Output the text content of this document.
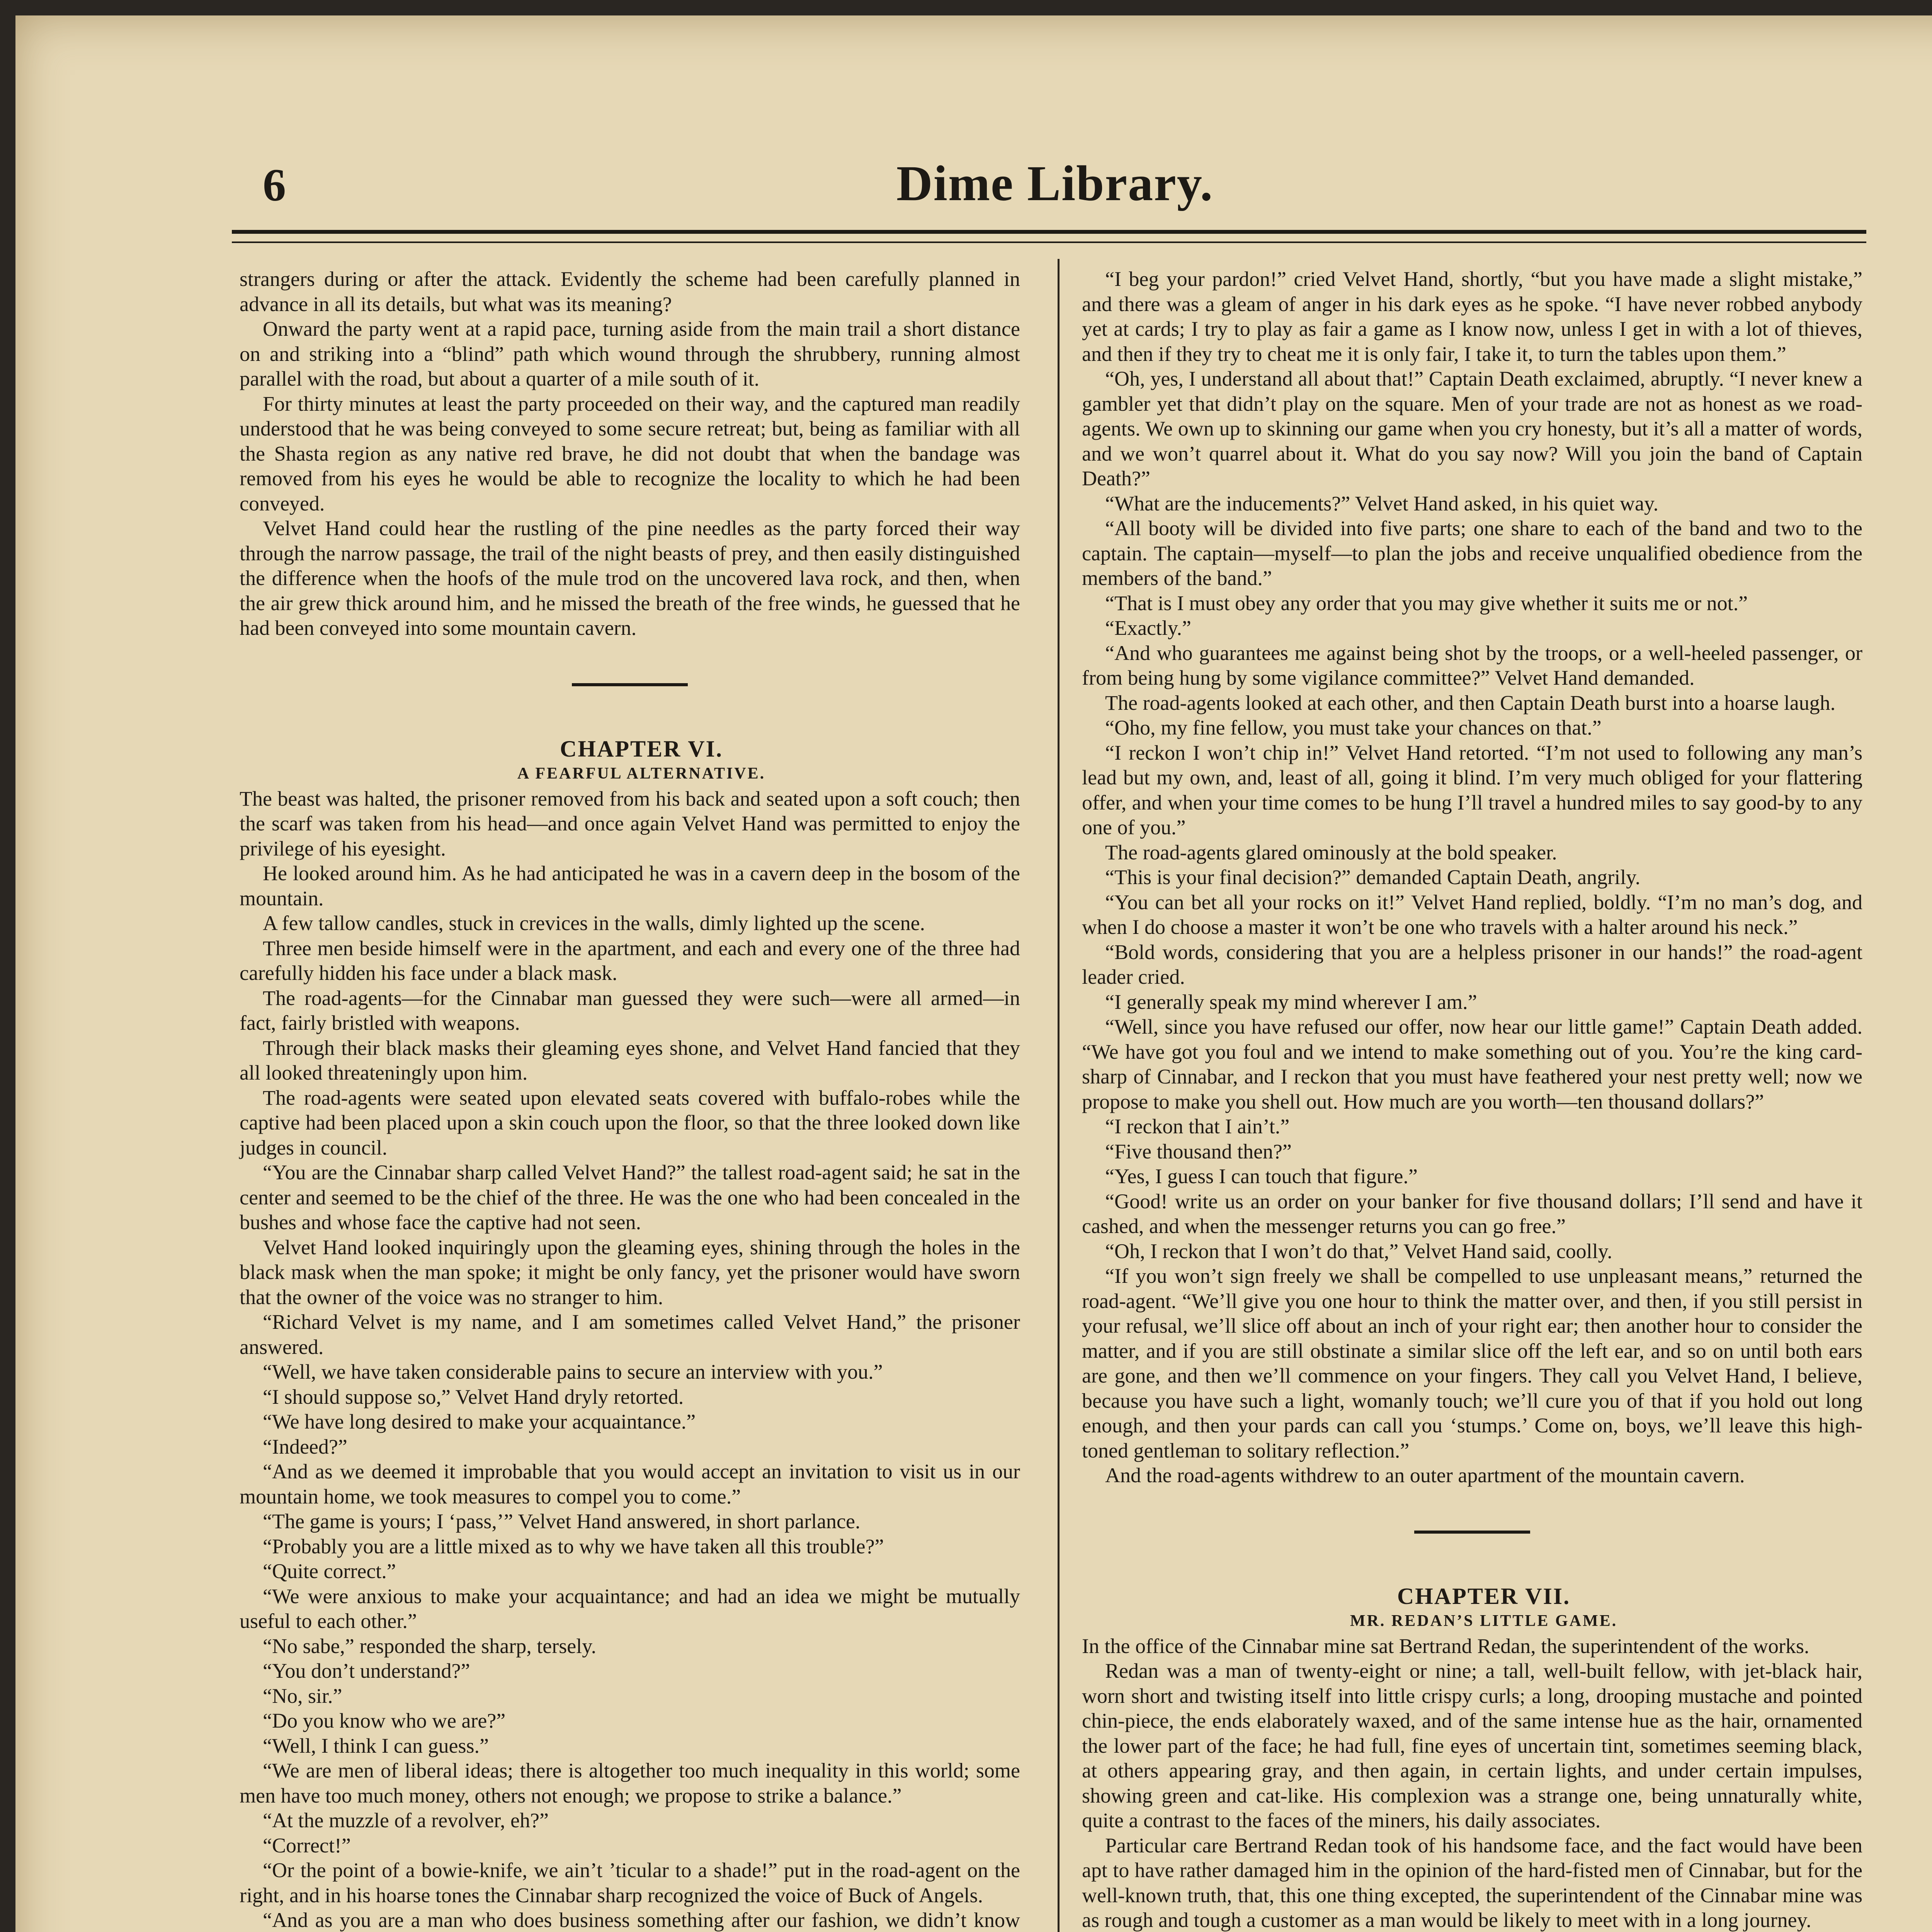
6	Dime Library.

strangers during or after the attack. Evidently the scheme had been carefully planned in advance in all its details, but what was its meaning?

Onward the party went at a rapid pace, turning aside from the main trail a short distance on and striking into a “blind” path which wound through the shrubbery, running almost parallel with the road, but about a quarter of a mile south of it.

For thirty minutes at least the party proceeded on their way, and the captured man readily understood that he was being conveyed to some secure retreat; but, being as familiar with all the Shasta region as any native red brave, he did not doubt that when the bandage was removed from his eyes he would be able to recognize the locality to which he had been conveyed.

Velvet Hand could hear the rustling of the pine needles as the party forced their way through the narrow passage, the trail of the night beasts of prey, and then easily distinguished the difference when the hoofs of the mule trod on the uncovered lava rock, and then, when the air grew thick around him, and he missed the breath of the free winds, he guessed that he had been conveyed into some mountain cavern.

CHAPTER VI.

A FEARFUL ALTERNATIVE.

The beast was halted, the prisoner removed from his back and seated upon a soft couch; then the scarf was taken from his head—and once again Velvet Hand was permitted to enjoy the privilege of his eyesight.

He looked around him. As he had anticipated he was in a cavern deep in the bosom of the mountain.

A few tallow candles, stuck in crevices in the walls, dimly lighted up the scene.

Three men beside himself were in the apartment, and each and every one of the three had carefully hidden his face under a black mask.

The road-agents—for the Cinnabar man guessed they were such—were all armed—in fact, fairly bristled with weapons.

Through their black masks their gleaming eyes shone, and Velvet Hand fancied that they all looked threateningly upon him.

The road-agents were seated upon elevated seats covered with buffalo-robes while the captive had been placed upon a skin couch upon the floor, so that the three looked down like judges in council.

“You are the Cinnabar sharp called Velvet Hand?” the tallest road-agent said; he sat in the center and seemed to be the chief of the three. He was the one who had been concealed in the bushes and whose face the captive had not seen.

Velvet Hand looked inquiringly upon the gleaming eyes, shining through the holes in the black mask when the man spoke; it might be only fancy, yet the prisoner would have sworn that the owner of the voice was no stranger to him.

“Richard Velvet is my name, and I am sometimes called Velvet Hand,” the prisoner answered.

“Well, we have taken considerable pains to secure an interview with you.”

“I should suppose so,” Velvet Hand dryly retorted.

“We have long desired to make your acquaintance.”

“Indeed?”

“And as we deemed it improbable that you would accept an invitation to visit us in our mountain home, we took measures to compel you to come.”

“The game is yours; I ‘pass,’” Velvet Hand answered, in short parlance.

“Probably you are a little mixed as to why we have taken all this trouble?”

“Quite correct.”

“We were anxious to make your acquaintance; and had an idea we might be mutually useful to each other.”

“No sabe,” responded the sharp, tersely.

“You don’t understand?”

“No, sir.”

“Do you know who we are?”

“Well, I think I can guess.”

“We are men of liberal ideas; there is altogether too much inequality in this world; some men have too much money, others not enough; we propose to strike a balance.”

“At the muzzle of a revolver, eh?”

“Correct!”

“Or the point of a bowie-knife, we ain’t ’ticular to a shade!” put in the road-agent on the right, and in his hoarse tones the Cinnabar sharp recognized the voice of Buck of Angels.

“And as you are a man who does business something after our fashion, we didn’t know

“I beg your pardon!” cried Velvet Hand, shortly, “but you have made a slight mistake,” and there was a gleam of anger in his dark eyes as he spoke. “I have never robbed anybody yet at cards; I try to play as fair a game as I know now, unless I get in with a lot of thieves, and then if they try to cheat me it is only fair, I take it, to turn the tables upon them.”

“Oh, yes, I understand all about that!” Captain Death exclaimed, abruptly. “I never knew a gambler yet that didn’t play on the square. Men of your trade are not as honest as we road-agents. We own up to skinning our game when you cry honesty, but it’s all a matter of words, and we won’t quarrel about it. What do you say now? Will you join the band of Captain Death?”

“What are the inducements?” Velvet Hand asked, in his quiet way.

“All booty will be divided into five parts; one share to each of the band and two to the captain. The captain—myself—to plan the jobs and receive unqualified obedience from the members of the band.”

“That is I must obey any order that you may give whether it suits me or not.”

“Exactly.”

“And who guarantees me against being shot by the troops, or a well-heeled passenger, or from being hung by some vigilance committee?” Velvet Hand demanded.

The road-agents looked at each other, and then Captain Death burst into a hoarse laugh.

“Oho, my fine fellow, you must take your chances on that.”

“I reckon I won’t chip in!” Velvet Hand retorted. “I’m not used to following any man’s lead but my own, and, least of all, going it blind. I’m very much obliged for your flattering offer, and when your time comes to be hung I’ll travel a hundred miles to say good-by to any one of you.”

The road-agents glared ominously at the bold speaker.

“This is your final decision?” demanded Captain Death, angrily.

“You can bet all your rocks on it!” Velvet Hand replied, boldly. “I’m no man’s dog, and when I do choose a master it won’t be one who travels with a halter around his neck.”

“Bold words, considering that you are a helpless prisoner in our hands!” the road-agent leader cried.

“I generally speak my mind wherever I am.”

“Well, since you have refused our offer, now hear our little game!” Captain Death added. “We have got you foul and we intend to make something out of you. You’re the king card-sharp of Cinnabar, and I reckon that you must have feathered your nest pretty well; now we propose to make you shell out. How much are you worth—ten thousand dollars?”

“I reckon that I ain’t.”

“Five thousand then?”

“Yes, I guess I can touch that figure.”

“Good! write us an order on your banker for five thousand dollars; I’ll send and have it cashed, and when the messenger returns you can go free.”

“Oh, I reckon that I won’t do that,” Velvet Hand said, coolly.

“If you won’t sign freely we shall be compelled to use unpleasant means,” returned the road-agent. “We’ll give you one hour to think the matter over, and then, if you still persist in your refusal, we’ll slice off about an inch of your right ear; then another hour to consider the matter, and if you are still obstinate a similar slice off the left ear, and so on until both ears are gone, and then we’ll commence on your fingers. They call you Velvet Hand, I believe, because you have such a light, womanly touch; we’ll cure you of that if you hold out long enough, and then your pards can call you ‘stumps.’ Come on, boys, we’ll leave this high-toned gentleman to solitary reflection.”

And the road-agents withdrew to an outer apartment of the mountain cavern.

CHAPTER VII.

MR. REDAN’S LITTLE GAME.

In the office of the Cinnabar mine sat Bertrand Redan, the superintendent of the works.

Redan was a man of twenty-eight or nine; a tall, well-built fellow, with jet-black hair, worn short and twisting itself into little crispy curls; a long, drooping mustache and pointed chin-piece, the ends elaborately waxed, and of the same intense hue as the hair, ornamented the lower part of the face; he had full, fine eyes of uncertain tint, sometimes seeming black, at others appearing gray, and then again, in certain lights, and under certain impulses, showing green and cat-like. His complexion was a strange one, being unnaturally white, quite a contrast to the faces of the miners, his daily associates.

Particular care Bertrand Redan took of his handsome face, and the fact would have been apt to have rather damaged him in the opinion of the hard-fisted men of Cinnabar, but for the well-known truth, that, this one thing excepted, the superintendent of the Cinnabar mine was as rough and tough a customer as a man would be likely to meet with in a long journey.
